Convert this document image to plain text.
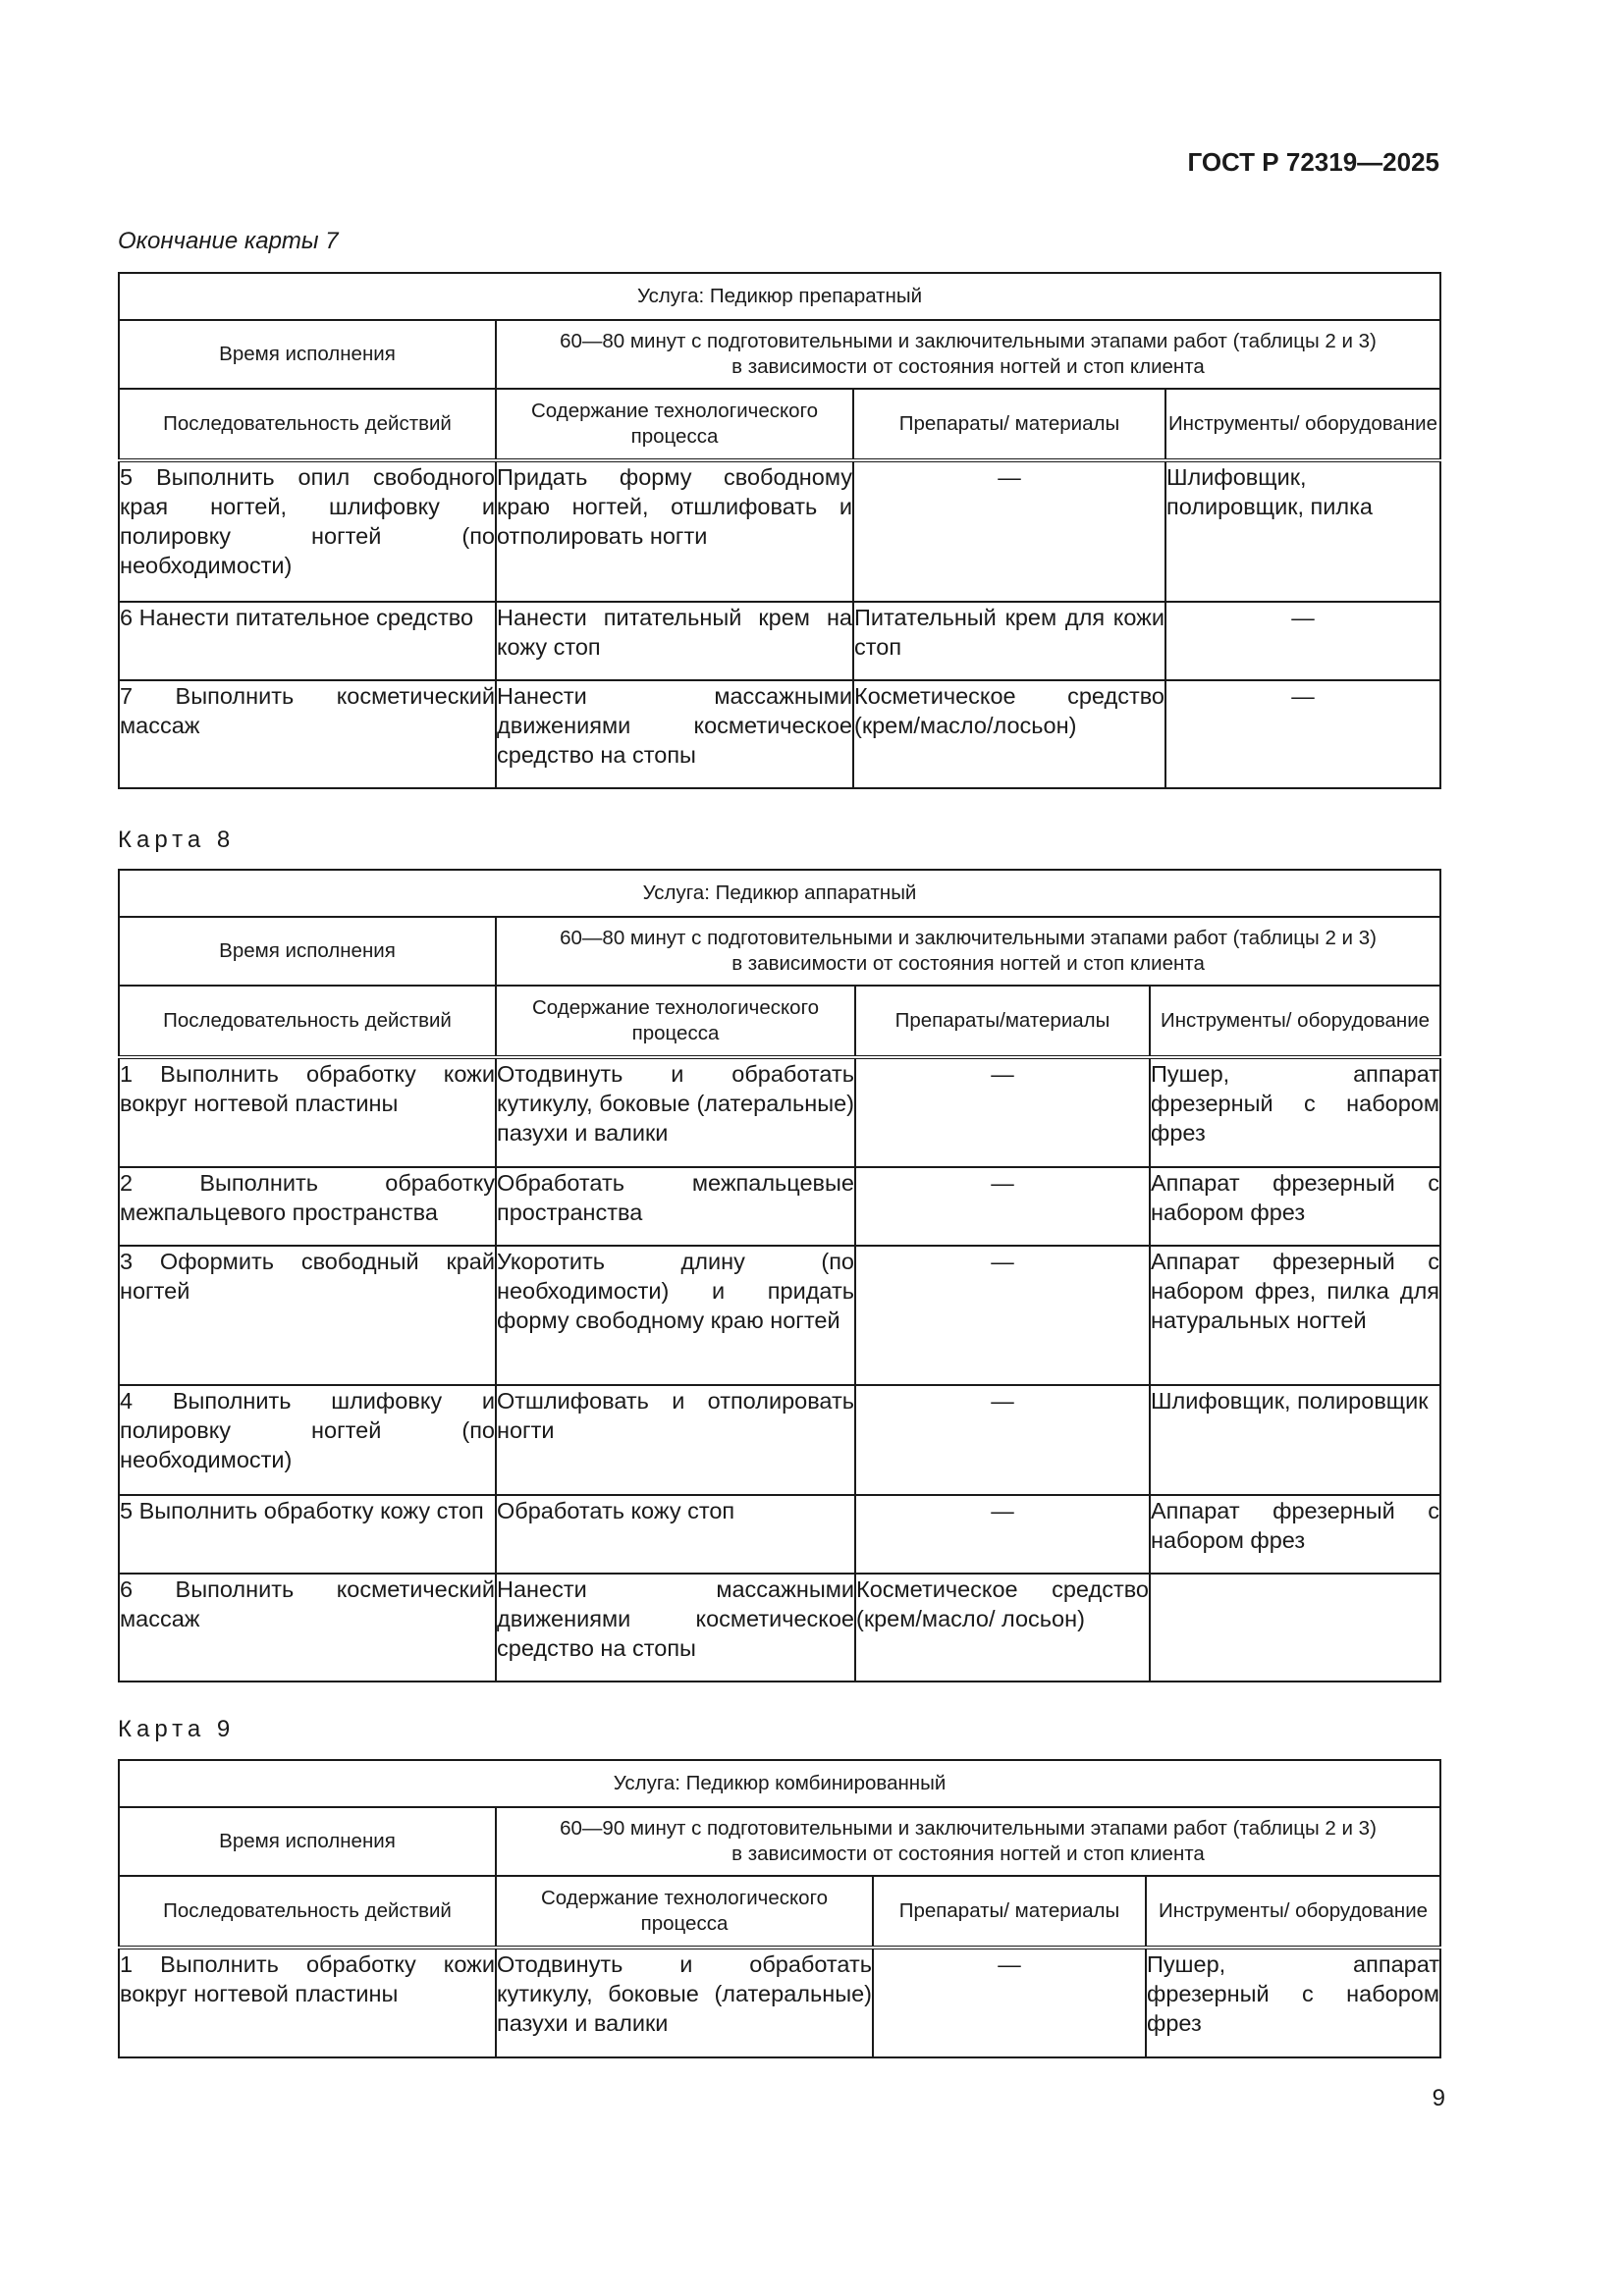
ГОСТ Р 72319—2025
Окончание карты 7
Услуга: Педикюр препаратный			
Время исполнения	60—80 минут с подготовительными и заключительными этапами работ (таблицы 2 и 3)
в зависимости от состояния ногтей и стоп клиента		
Последовательность действий	Содержание технологического процесса	Препараты/ материалы	Инструменты/ оборудование
5 Выполнить опил свободного края ногтей, шлифовку и полировку ногтей (по необходимости)	Придать форму свободному краю ногтей, отшлифовать и отполировать ногти	—	Шлифовщик, полировщик, пилка
6 Нанести питательное средство	Нанести питательный крем на кожу стоп	Питательный крем для кожи стоп	—
7 Выполнить косметический массаж	Нанести массажными движениями косметическое средство на стопы	Косметическое средство (крем/масло/лосьон)	—
Карта 8
Услуга: Педикюр аппаратный			
Время исполнения	60—80 минут с подготовительными и заключительными этапами работ (таблицы 2 и 3)
в зависимости от состояния ногтей и стоп клиента		
Последовательность действий	Содержание технологического процесса	Препараты/материалы	Инструменты/ оборудование
1 Выполнить обработку кожи вокруг ногтевой пластины	Отодвинуть и обработать кутикулу, боковые (латеральные) пазухи и валики	—	Пушер, аппарат фрезерный с набором фрез
2 Выполнить обработку межпальцевого пространства	Обработать межпальцевые пространства	—	Аппарат фрезерный с набором фрез
3 Оформить свободный край ногтей	Укоротить длину (по необходимости) и придать форму свободному краю ногтей	—	Аппарат фрезерный с набором фрез, пилка для натуральных ногтей
4 Выполнить шлифовку и полировку ногтей (по необходимости)	Отшлифовать и отполировать ногти	—	Шлифовщик, полировщик
5 Выполнить обработку кожу стоп	Обработать кожу стоп	—	Аппарат фрезерный с набором фрез
6 Выполнить косметический массаж	Нанести массажными движениями косметическое средство на стопы	Косметическое средство (крем/масло/ лосьон)	
Карта 9
Услуга: Педикюр комбинированный			
Время исполнения	60—90 минут с подготовительными и заключительными этапами работ (таблицы 2 и 3)
в зависимости от состояния ногтей и стоп клиента		
Последовательность действий	Содержание технологического процесса	Препараты/ материалы	Инструменты/ оборудование
1 Выполнить обработку кожи вокруг ногтевой пластины	Отодвинуть и обработать кутикулу, боковые (латеральные) пазухи и валики	—	Пушер, аппарат фрезерный с набором фрез
9
